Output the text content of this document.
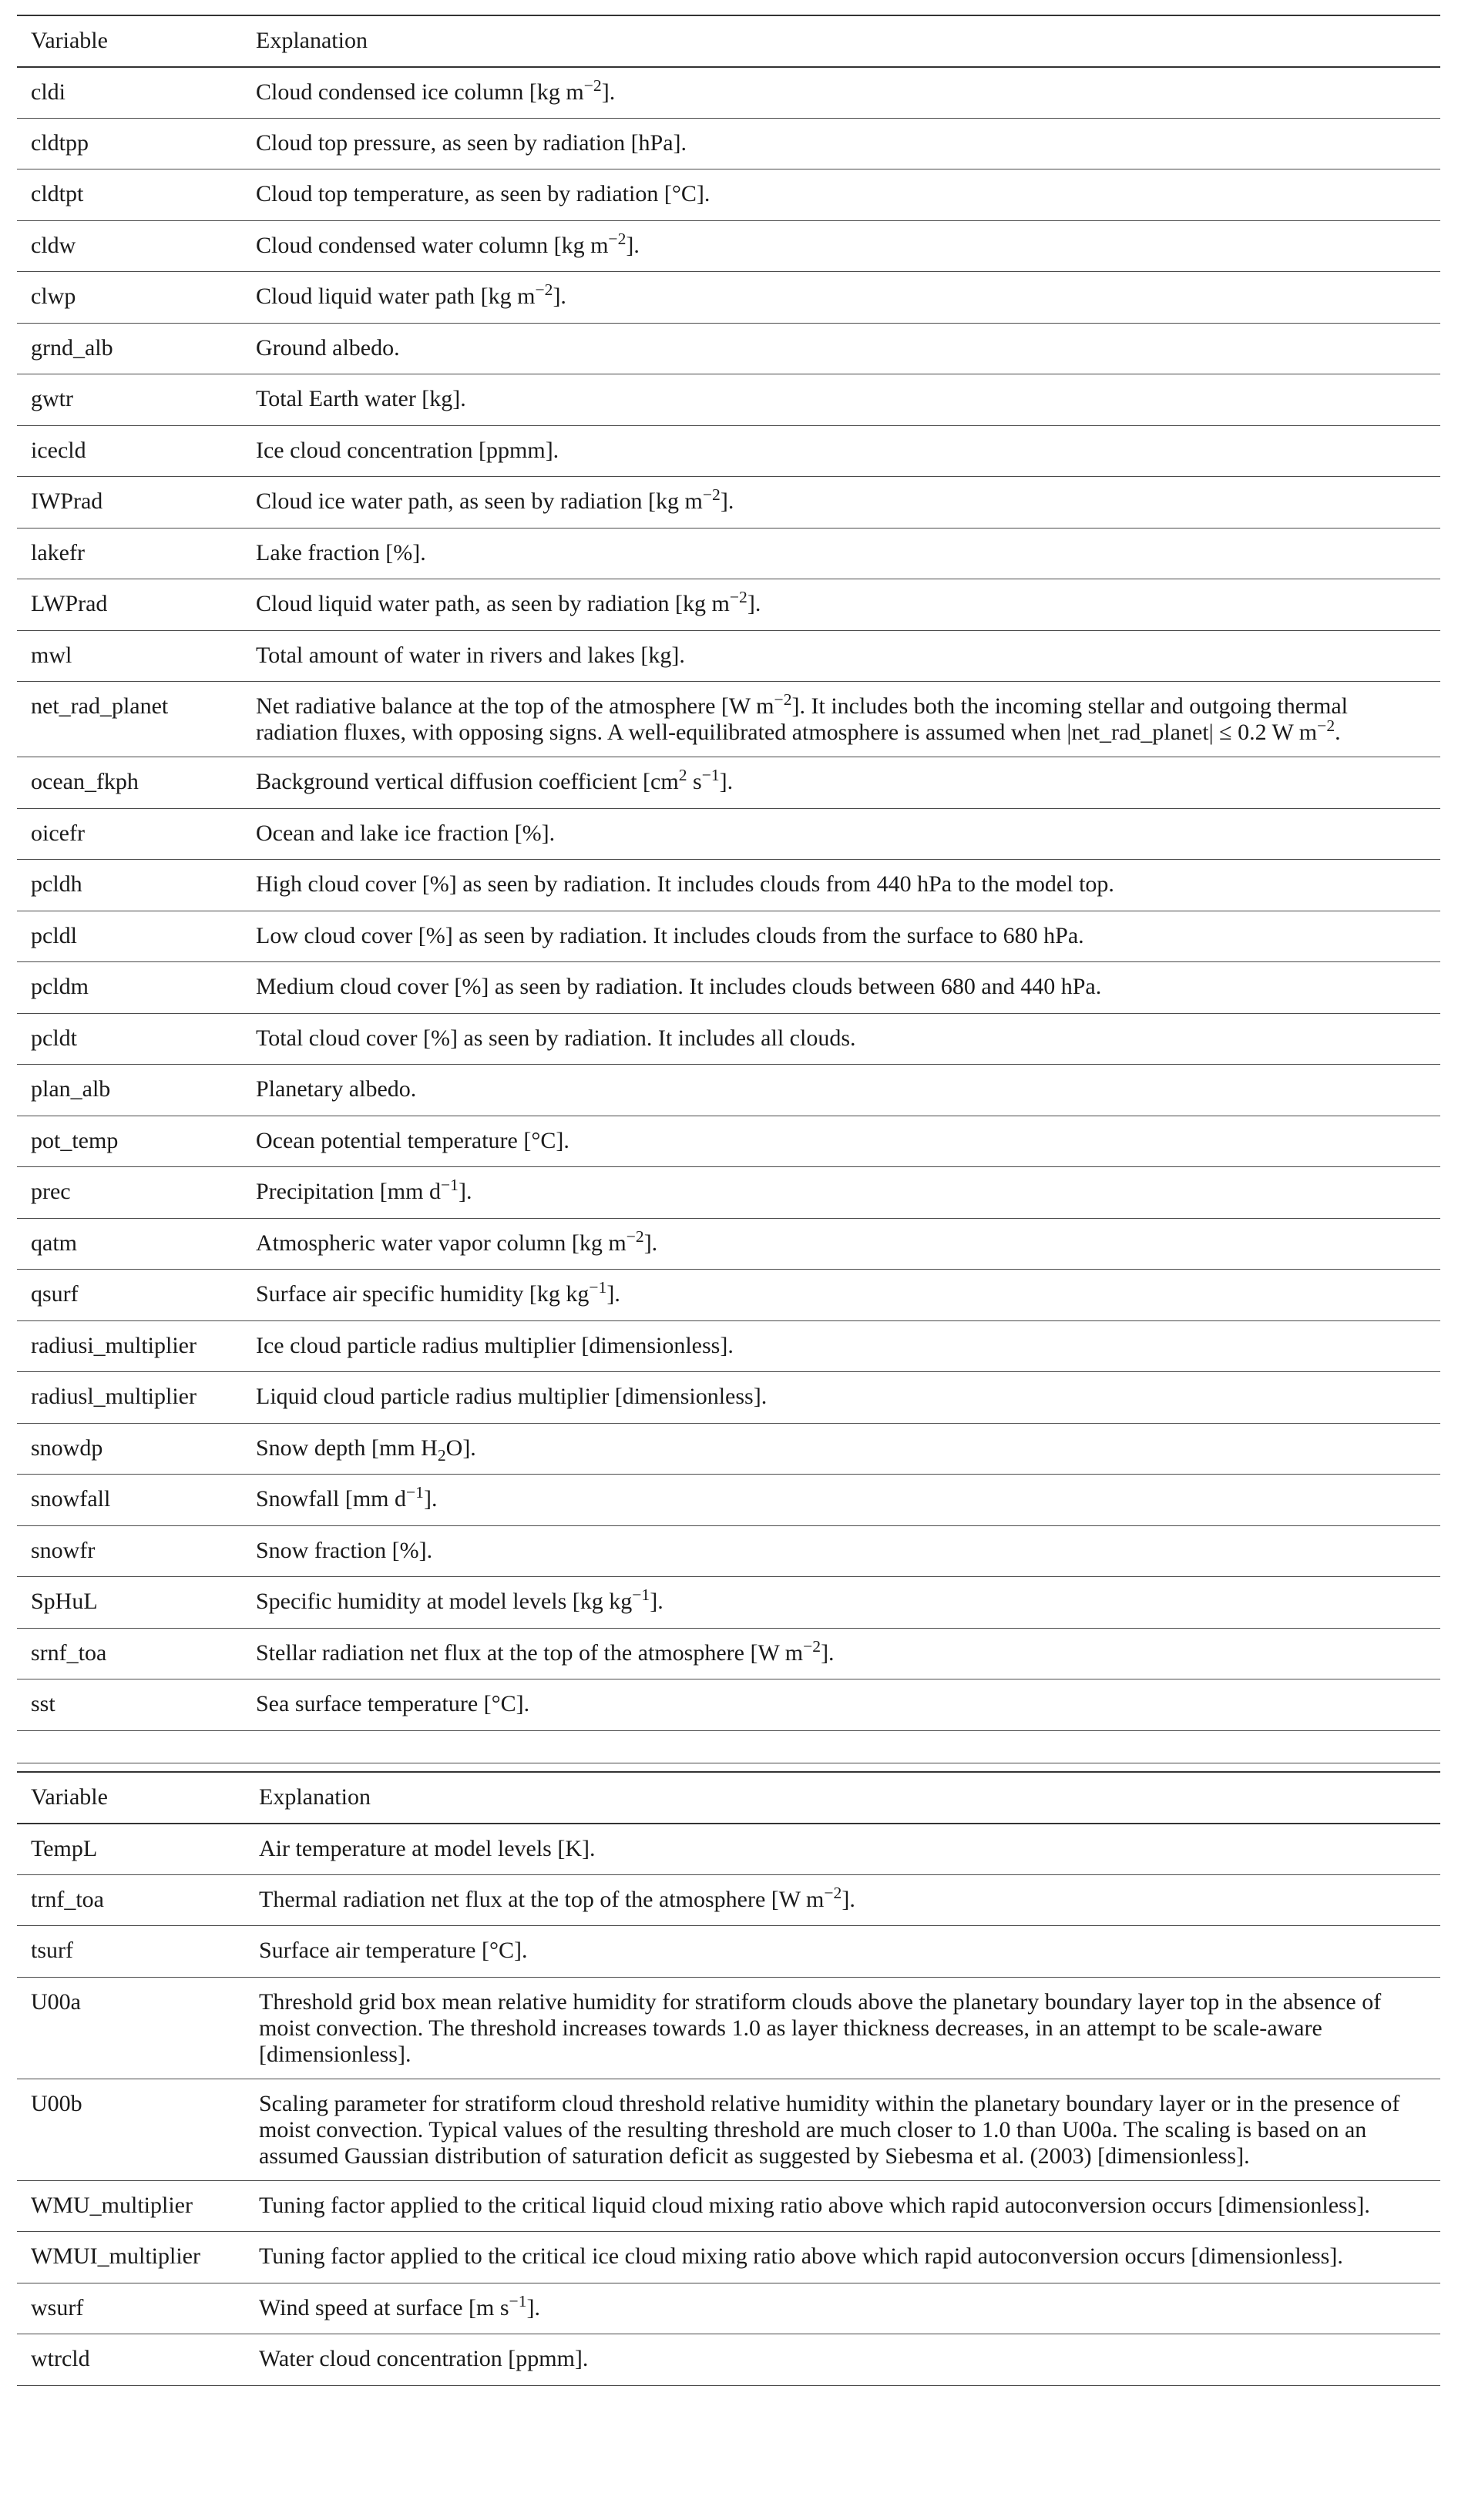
Variable	Explanation
cldi	Cloud condensed ice column [kg $m^{-2}$].
cldtpp	Cloud top pressure, as seen by radiation [hPa].
cldtpt	Cloud top temperature, as seen by radiation [°C].
cldw	Cloud condensed water column [kg $m^{-2}$].
clwp	Cloud liquid water path [kg $m^{-2}$].
grnd_alb	Ground albedo.
gwtr	Total Earth water [kg].
icecld	Ice cloud concentration [ppmm].
IWPrad	Cloud ice water path, as seen by radiation [kg $m^{-2}$].
lakefr	Lake fraction [%].
LWPrad	Cloud liquid water path, as seen by radiation [kg $m^{-2}$].
mwl	Total amount of water in rivers and lakes [kg].
net_rad_planet	Net radiative balance at the top of the atmosphere [W $m^{-2}$]. It includes both the incoming stellar and outgoing thermal radiation fluxes, with opposing signs. A well-equilibrated atmosphere is assumed when |net_rad_planet| ≤ 0.2 W $m^{-2}$.
ocean_fkph	Background vertical diffusion coefficient [$cm^2$ $s^{-1}$].
oicefr	Ocean and lake ice fraction [%].
pcldh	High cloud cover [%] as seen by radiation. It includes clouds from 440 hPa to the model top.
pcldl	Low cloud cover [%] as seen by radiation. It includes clouds from the surface to 680 hPa.
pcldm	Medium cloud cover [%] as seen by radiation. It includes clouds between 680 and 440 hPa.
pcldt	Total cloud cover [%] as seen by radiation. It includes all clouds.
plan_alb	Planetary albedo.
pot_temp	Ocean potential temperature [°C].
prec	Precipitation [mm $d^{-1}$].
qatm	Atmospheric water vapor column [kg $m^{-2}$].
qsurf	Surface air specific humidity [kg $kg^{-1}$].
radiusi_multiplier	Ice cloud particle radius multiplier [dimensionless].
radiusl_multiplier	Liquid cloud particle radius multiplier [dimensionless].
snowdp	Snow depth [mm $H_2O$].
snowfall	Snowfall [mm $d^{-1}$].
snowfr	Snow fraction [%].
SpHuL	Specific humidity at model levels [kg $kg^{-1}$].
srnf_toa	Stellar radiation net flux at the top of the atmosphere [W $m^{-2}$].
sst	Sea surface temperature [°C].
Variable	Explanation
TempL	Air temperature at model levels [K].
trnf_toa	Thermal radiation net flux at the top of the atmosphere [W $m^{-2}$].
tsurf	Surface air temperature [°C].
U00a	Threshold grid box mean relative humidity for stratiform clouds above the planetary boundary layer top in the absence of moist convection. The threshold increases towards 1.0 as layer thickness decreases, in an attempt to be scale-aware [dimensionless].
U00b	Scaling parameter for stratiform cloud threshold relative humidity within the planetary boundary layer or in the presence of moist convection. Typical values of the resulting threshold are much closer to 1.0 than U00a. The scaling is based on an assumed Gaussian distribution of saturation deficit as suggested by Siebesma et al. (2003) [dimensionless].
WMU_multiplier	Tuning factor applied to the critical liquid cloud mixing ratio above which rapid autoconversion occurs [dimensionless].
WMUI_multiplier	Tuning factor applied to the critical ice cloud mixing ratio above which rapid autoconversion occurs [dimensionless].
wsurf	Wind speed at surface [m $s^{-1}$].
wtrcld	Water cloud concentration [ppmm].
